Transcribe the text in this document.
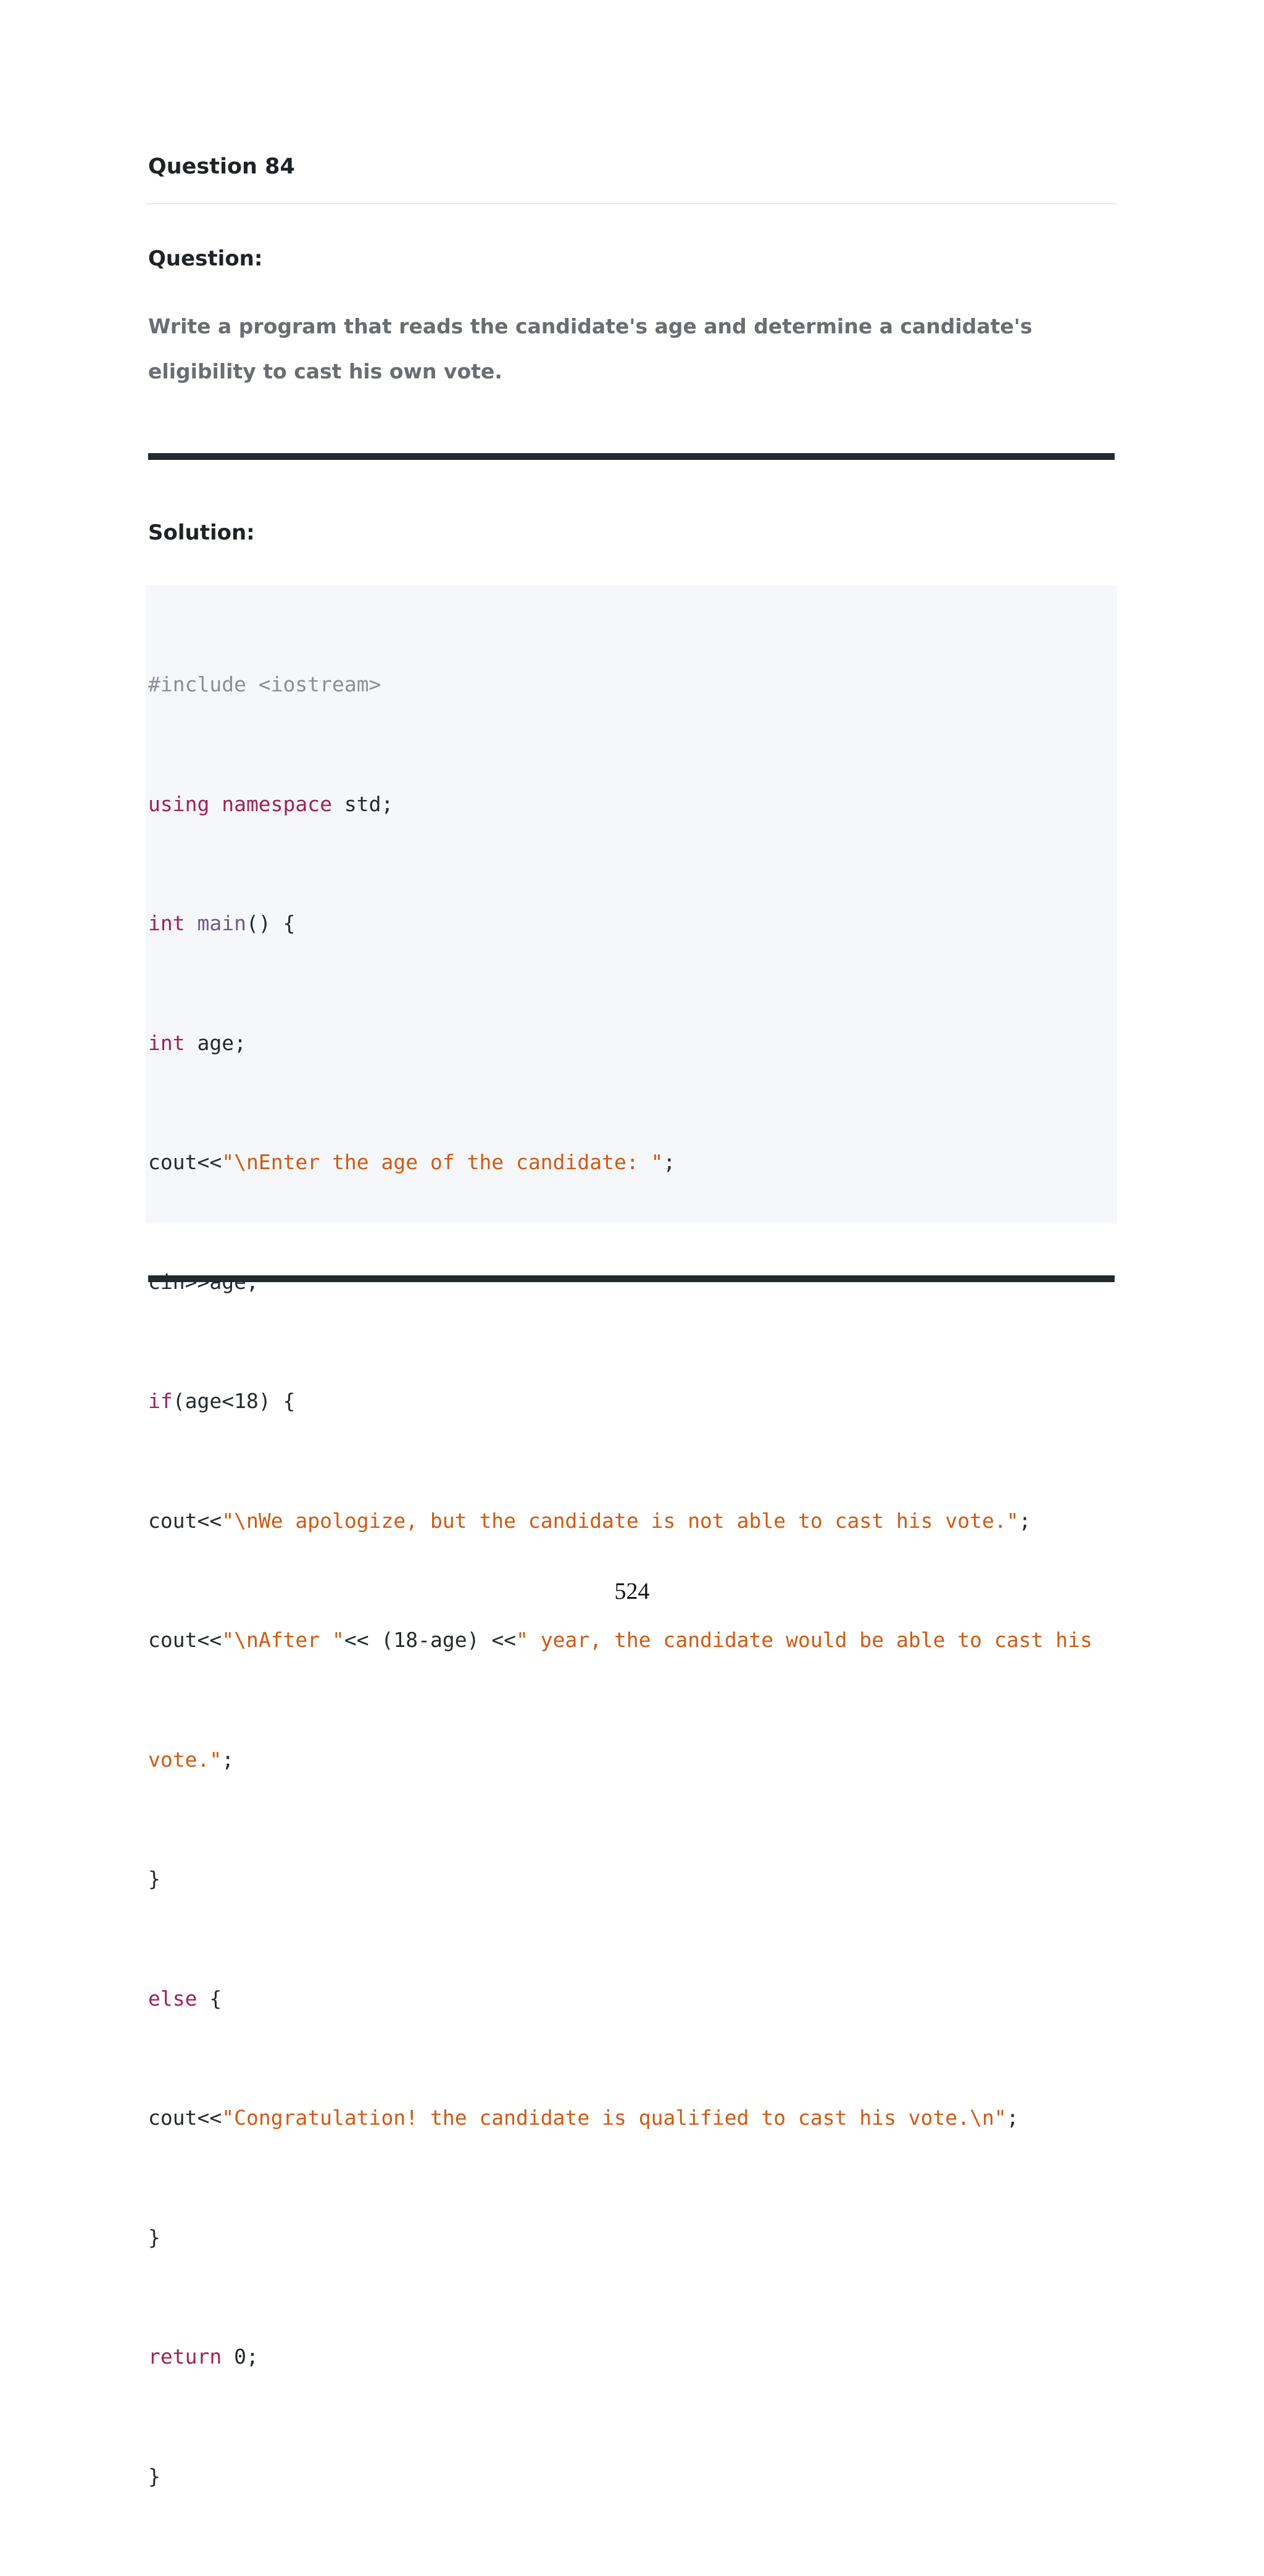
Question 84
Question:
Write a program that reads the candidate's age and determine a candidate's eligibility to cast his own vote.
Solution:

#include <iostream>

using namespace std;

int main() {

int age;

cout<<"\nEnter the age of the candidate: ";

if(age<18) {

cout<<"\nWe apologize, but the candidate is not able to cast his vote.";

cout<<"\nAfter "<< (18-age) <<" year, the candidate would be able to cast his

vote.";

}

else {

cout<<"Congratulation! the candidate is qualified to cast his vote.\n";

}

return 0;

}

524
